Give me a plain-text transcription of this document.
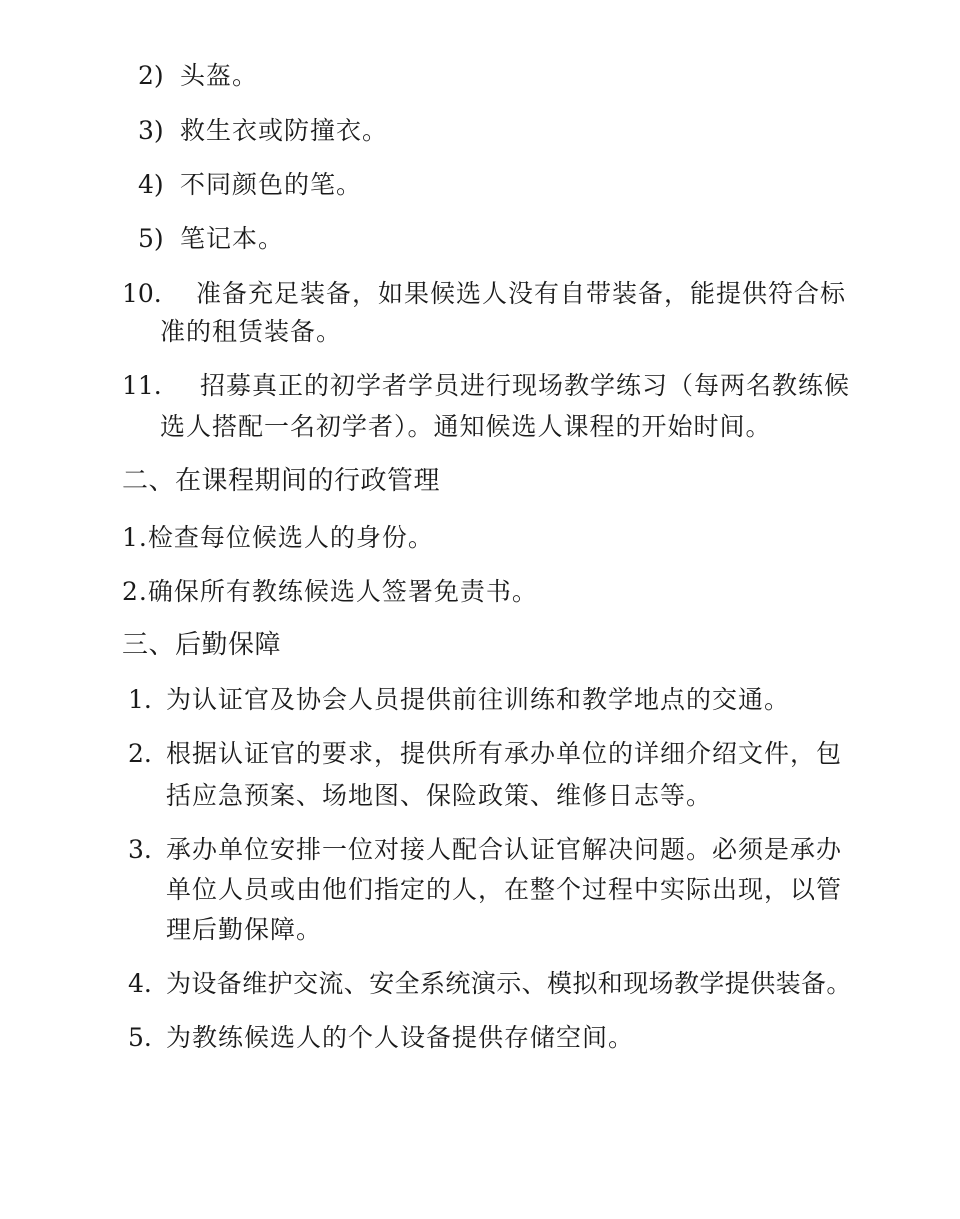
2) 头盔。
3) 救生衣或防撞衣。
4) 不同颜色的笔。
5) 笔记本。
10. 准备充足装备，如果候选人没有自带装备，能提供符合标
准的租赁装备。
11. 招募真正的初学者学员进行现场教学练习（每两名教练候
选人搭配一名初学者）。通知候选人课程的开始时间。
二、在课程期间的行政管理
1.检查每位候选人的身份。
2.确保所有教练候选人签署免责书。
三、后勤保障
1. 为认证官及协会人员提供前往训练和教学地点的交通。
2. 根据认证官的要求，提供所有承办单位的详细介绍文件，包
括应急预案、场地图、保险政策、维修日志等。
3. 承办单位安排一位对接人配合认证官解决问题。必须是承办
单位人员或由他们指定的人，在整个过程中实际出现，以管
理后勤保障。
4. 为设备维护交流、安全系统演示、模拟和现场教学提供装备。
5. 为教练候选人的个人设备提供存储空间。
